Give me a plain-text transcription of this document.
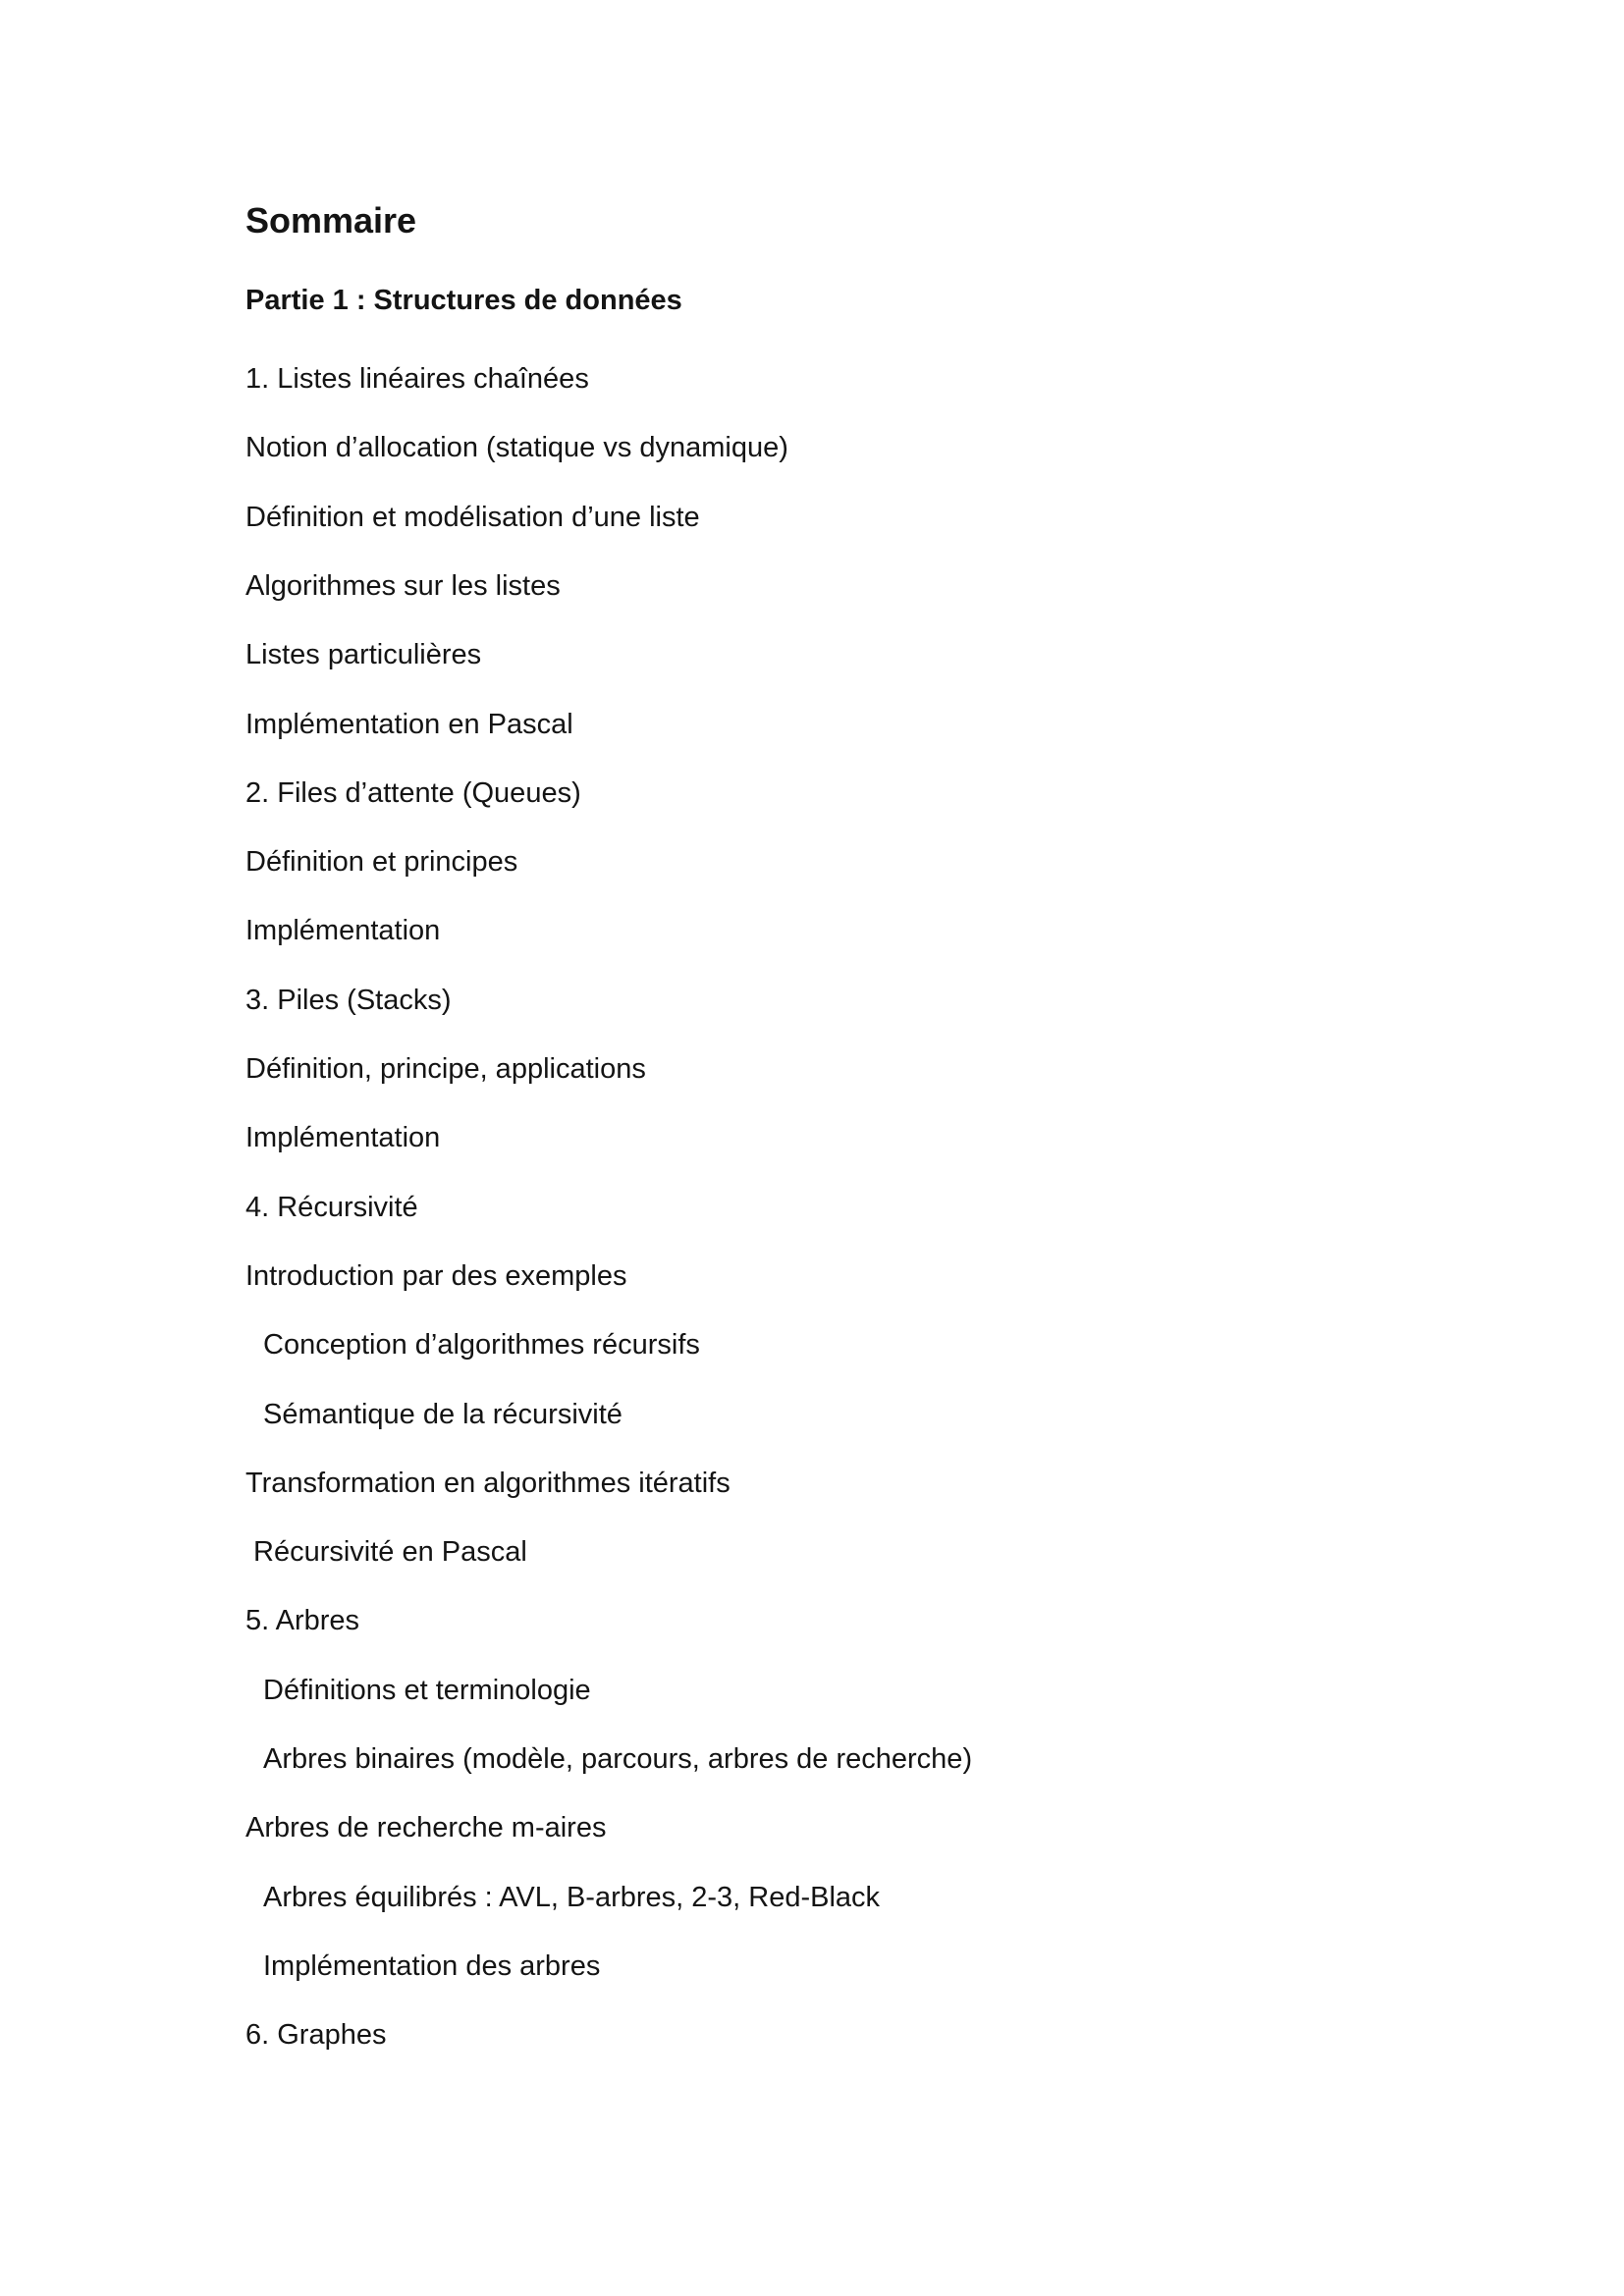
Sommaire
Partie 1 : Structures de données

1. Listes linéaires chaînées

Notion d’allocation (statique vs dynamique)

Définition et modélisation d’une liste

Algorithmes sur les listes

Listes particulières

Implémentation en Pascal

2. Files d’attente (Queues)

Définition et principes

Implémentation

3. Piles (Stacks)

Définition, principe, applications

Implémentation

4. Récursivité

Introduction par des exemples

Conception d’algorithmes récursifs

Sémantique de la récursivité

Transformation en algorithmes itératifs

Récursivité en Pascal

5. Arbres

Définitions et terminologie

Arbres binaires (modèle, parcours, arbres de recherche)

Arbres de recherche m-aires

Arbres équilibrés : AVL, B-arbres, 2-3, Red-Black

Implémentation des arbres

6. Graphes
